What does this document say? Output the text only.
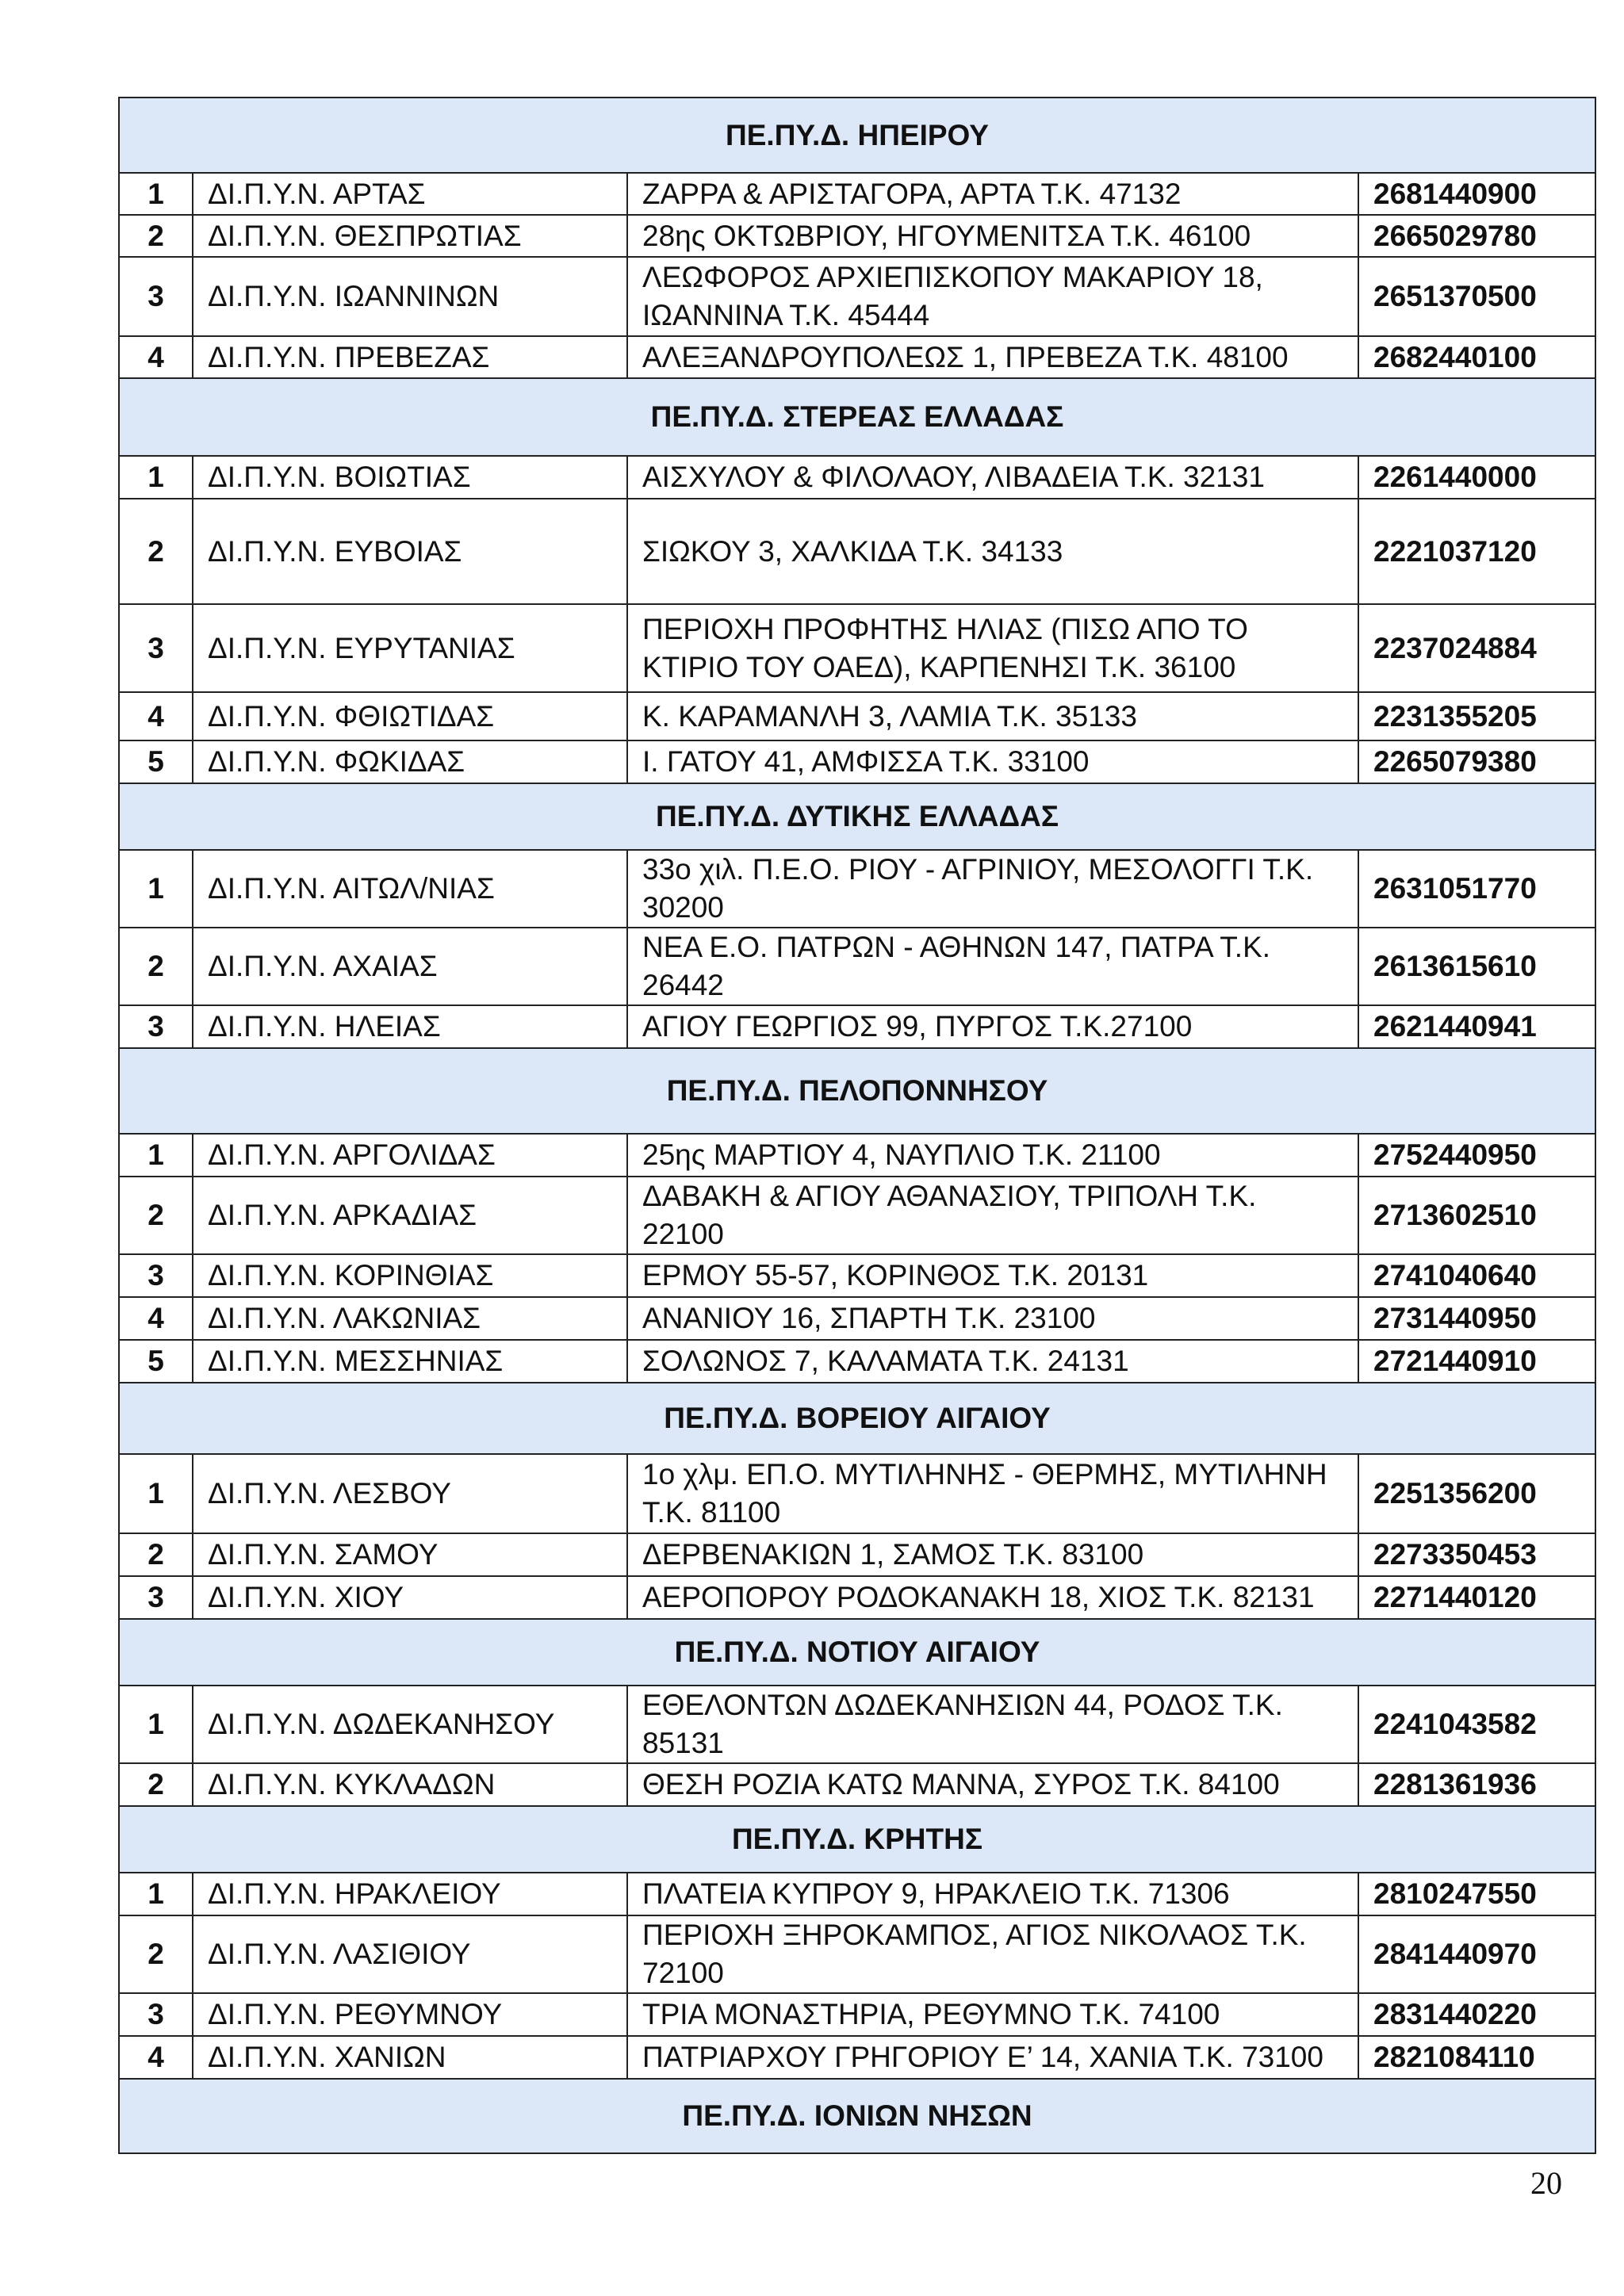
ΠΕ.ΠΥ.Δ. ΗΠΕΙΡΟΥ			
1	ΔΙ.Π.Υ.Ν. ΑΡΤΑΣ	ΖΑΡΡΑ & ΑΡΙΣΤΑΓΟΡΑ, ΑΡΤΑ Τ.Κ. 47132	2681440900
2	ΔΙ.Π.Υ.Ν. ΘΕΣΠΡΩΤΙΑΣ	28ης ΟΚΤΩΒΡΙΟΥ, ΗΓΟΥΜΕΝΙΤΣΑ Τ.Κ. 46100	2665029780
3	ΔΙ.Π.Υ.Ν. ΙΩΑΝΝΙΝΩΝ	ΛΕΩΦΟΡΟΣ ΑΡΧΙΕΠΙΣΚΟΠΟΥ ΜΑΚΑΡΙΟΥ 18, ΙΩΑΝΝΙΝΑ Τ.Κ. 45444	2651370500
4	ΔΙ.Π.Υ.Ν. ΠΡΕΒΕΖΑΣ	ΑΛΕΞΑΝΔΡΟΥΠΟΛΕΩΣ 1, ΠΡΕΒΕΖΑ Τ.Κ. 48100	2682440100
ΠΕ.ΠΥ.Δ. ΣΤΕΡΕΑΣ ΕΛΛΑΔΑΣ			
1	ΔΙ.Π.Υ.Ν. ΒΟΙΩΤΙΑΣ	ΑΙΣΧΥΛΟΥ & ΦΙΛΟΛΑΟΥ, ΛΙΒΑΔΕΙΑ Τ.Κ. 32131	2261440000
2	ΔΙ.Π.Υ.Ν. ΕΥΒΟΙΑΣ	ΣΙΩΚΟΥ 3, ΧΑΛΚΙΔΑ Τ.Κ. 34133	2221037120
3	ΔΙ.Π.Υ.Ν. ΕΥΡΥΤΑΝΙΑΣ	ΠΕΡΙΟΧΗ ΠΡΟΦΗΤΗΣ ΗΛΙΑΣ (ΠΙΣΩ ΑΠΟ ΤΟ ΚΤΙΡΙΟ ΤΟΥ ΟΑΕΔ), ΚΑΡΠΕΝΗΣΙ Τ.Κ. 36100	2237024884
4	ΔΙ.Π.Υ.Ν. ΦΘΙΩΤΙΔΑΣ	Κ. ΚΑΡΑΜΑΝΛΗ 3, ΛΑΜΙΑ Τ.Κ. 35133	2231355205
5	ΔΙ.Π.Υ.Ν. ΦΩΚΙΔΑΣ	Ι. ΓΑΤΟΥ 41, ΑΜΦΙΣΣΑ Τ.Κ. 33100	2265079380
ΠΕ.ΠΥ.Δ. ΔΥΤΙΚΗΣ ΕΛΛΑΔΑΣ			
1	ΔΙ.Π.Υ.Ν. ΑΙΤΩΛ/ΝΙΑΣ	33ο χιλ. Π.Ε.Ο. ΡΙΟΥ - ΑΓΡΙΝΙΟΥ, ΜΕΣΟΛΟΓΓΙ Τ.Κ. 30200	2631051770
2	ΔΙ.Π.Υ.Ν. ΑΧΑΙΑΣ	ΝΕΑ Ε.Ο. ΠΑΤΡΩΝ - ΑΘΗΝΩΝ 147, ΠΑΤΡΑ Τ.Κ. 26442	2613615610
3	ΔΙ.Π.Υ.Ν. ΗΛΕΙΑΣ	ΑΓΙΟΥ ΓΕΩΡΓΙΟΣ 99, ΠΥΡΓΟΣ Τ.Κ.27100	2621440941
ΠΕ.ΠΥ.Δ. ΠΕΛΟΠΟΝΝΗΣΟΥ			
1	ΔΙ.Π.Υ.Ν. ΑΡΓΟΛΙΔΑΣ	25ης ΜΑΡΤΙΟΥ 4, ΝΑΥΠΛΙΟ Τ.Κ. 21100	2752440950
2	ΔΙ.Π.Υ.Ν. ΑΡΚΑΔΙΑΣ	ΔΑΒΑΚΗ & ΑΓΙΟΥ ΑΘΑΝΑΣΙΟΥ, ΤΡΙΠΟΛΗ Τ.Κ. 22100	2713602510
3	ΔΙ.Π.Υ.Ν. ΚΟΡΙΝΘΙΑΣ	ΕΡΜΟΥ 55-57, ΚΟΡΙΝΘΟΣ Τ.Κ. 20131	2741040640
4	ΔΙ.Π.Υ.Ν. ΛΑΚΩΝΙΑΣ	ΑΝΑΝΙΟΥ 16, ΣΠΑΡΤΗ Τ.Κ. 23100	2731440950
5	ΔΙ.Π.Υ.Ν. ΜΕΣΣΗΝΙΑΣ	ΣΟΛΩΝΟΣ 7, ΚΑΛΑΜΑΤΑ Τ.Κ. 24131	2721440910
ΠΕ.ΠΥ.Δ. ΒΟΡΕΙΟΥ ΑΙΓΑΙΟΥ			
1	ΔΙ.Π.Υ.Ν. ΛΕΣΒΟΥ	1ο χλμ. ΕΠ.Ο. ΜΥΤΙΛΗΝΗΣ - ΘΕΡΜΗΣ, ΜΥΤΙΛΗΝΗ Τ.Κ. 81100	2251356200
2	ΔΙ.Π.Υ.Ν. ΣΑΜΟΥ	ΔΕΡΒΕΝΑΚΙΩΝ 1, ΣΑΜΟΣ Τ.Κ. 83100	2273350453
3	ΔΙ.Π.Υ.Ν. ΧΙΟΥ	ΑΕΡΟΠΟΡΟΥ ΡΟΔΟΚΑΝΑΚΗ 18, ΧΙΟΣ Τ.Κ. 82131	2271440120
ΠΕ.ΠΥ.Δ. ΝΟΤΙΟΥ ΑΙΓΑΙΟΥ			
1	ΔΙ.Π.Υ.Ν. ΔΩΔΕΚΑΝΗΣΟΥ	ΕΘΕΛΟΝΤΩΝ ΔΩΔΕΚΑΝΗΣΙΩΝ 44, ΡΟΔΟΣ Τ.Κ. 85131	2241043582
2	ΔΙ.Π.Υ.Ν. ΚΥΚΛΑΔΩΝ	ΘΕΣΗ ΡΟΖΙΑ ΚΑΤΩ ΜΑΝΝΑ, ΣΥΡΟΣ Τ.Κ. 84100	2281361936
ΠΕ.ΠΥ.Δ. ΚΡΗΤΗΣ			
1	ΔΙ.Π.Υ.Ν. ΗΡΑΚΛΕΙΟΥ	ΠΛΑΤΕΙΑ ΚΥΠΡΟΥ 9, ΗΡΑΚΛΕΙΟ Τ.Κ. 71306	2810247550
2	ΔΙ.Π.Υ.Ν. ΛΑΣΙΘΙΟΥ	ΠΕΡΙΟΧΗ ΞΗΡΟΚΑΜΠΟΣ, ΑΓΙΟΣ ΝΙΚΟΛΑΟΣ Τ.Κ. 72100	2841440970
3	ΔΙ.Π.Υ.Ν. ΡΕΘΥΜΝΟΥ	ΤΡΙΑ ΜΟΝΑΣΤΗΡΙΑ, ΡΕΘΥΜΝΟ Τ.Κ. 74100	2831440220
4	ΔΙ.Π.Υ.Ν. ΧΑΝΙΩΝ	ΠΑΤΡΙΑΡΧΟΥ ΓΡΗΓΟΡΙΟΥ Ε’ 14, ΧΑΝΙΑ Τ.Κ. 73100	2821084110
ΠΕ.ΠΥ.Δ. ΙΟΝΙΩΝ ΝΗΣΩΝ			
20
